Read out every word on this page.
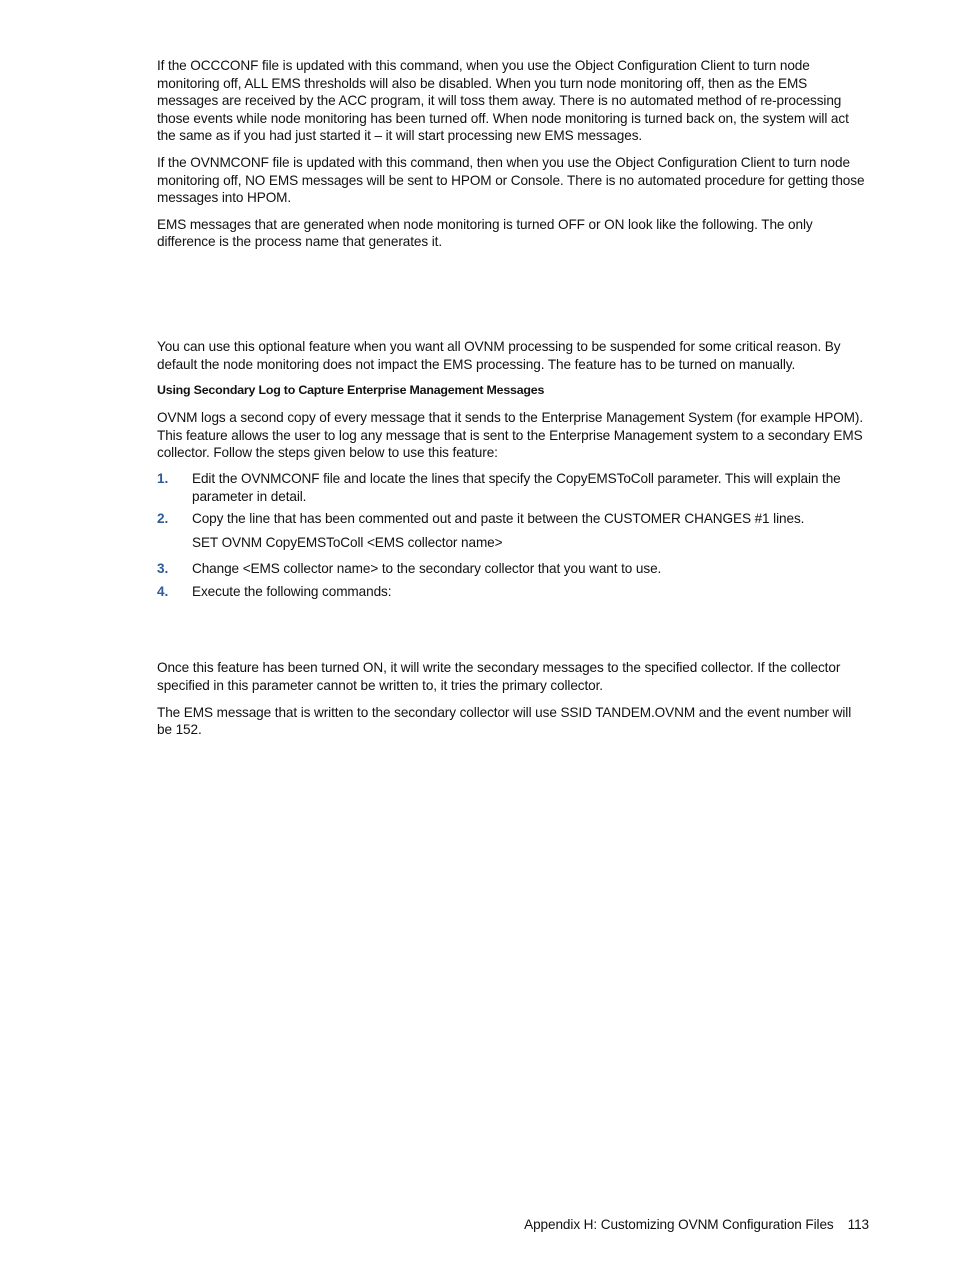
If the OCCCONF file is updated with this command, when you use the Object Configuration Client to turn node monitoring off, ALL EMS thresholds will also be disabled. When you turn node monitoring off, then as the EMS messages are received by the ACC program, it will toss them away. There is no automated method of re-processing those events while node monitoring has been turned off. When node monitoring is turned back on, the system will act the same as if you had just started it – it will start processing new EMS messages.

If the OVNMCONF file is updated with this command, then when you use the Object Configuration Client to turn node monitoring off, NO EMS messages will be sent to HPOM or Console. There is no automated procedure for getting those messages into HPOM.

EMS messages that are generated when node monitoring is turned OFF or ON look like the following. The only difference is the process name that generates it.

You can use this optional feature when you want all OVNM processing to be suspended for some critical reason. By default the node monitoring does not impact the EMS processing. The feature has to be turned on manually.

Using Secondary Log to Capture Enterprise Management Messages

OVNM logs a second copy of every message that it sends to the Enterprise Management System (for example HPOM). This feature allows the user to log any message that is sent to the Enterprise Management system to a secondary EMS collector. Follow the steps given below to use this feature:

1. Edit the OVNMCONF file and locate the lines that specify the CopyEMSToColl parameter. This will explain the parameter in detail.
2. Copy the line that has been commented out and paste it between the CUSTOMER CHANGES #1 lines.
SET OVNM CopyEMSToColl <EMS collector name>
3. Change <EMS collector name> to the secondary collector that you want to use.
4. Execute the following commands:

Once this feature has been turned ON, it will write the secondary messages to the specified collector. If the collector specified in this parameter cannot be written to, it tries the primary collector.

The EMS message that is written to the secondary collector will use SSID TANDEM.OVNM and the event number will be 152.

Appendix H: Customizing OVNM Configuration Files 113
